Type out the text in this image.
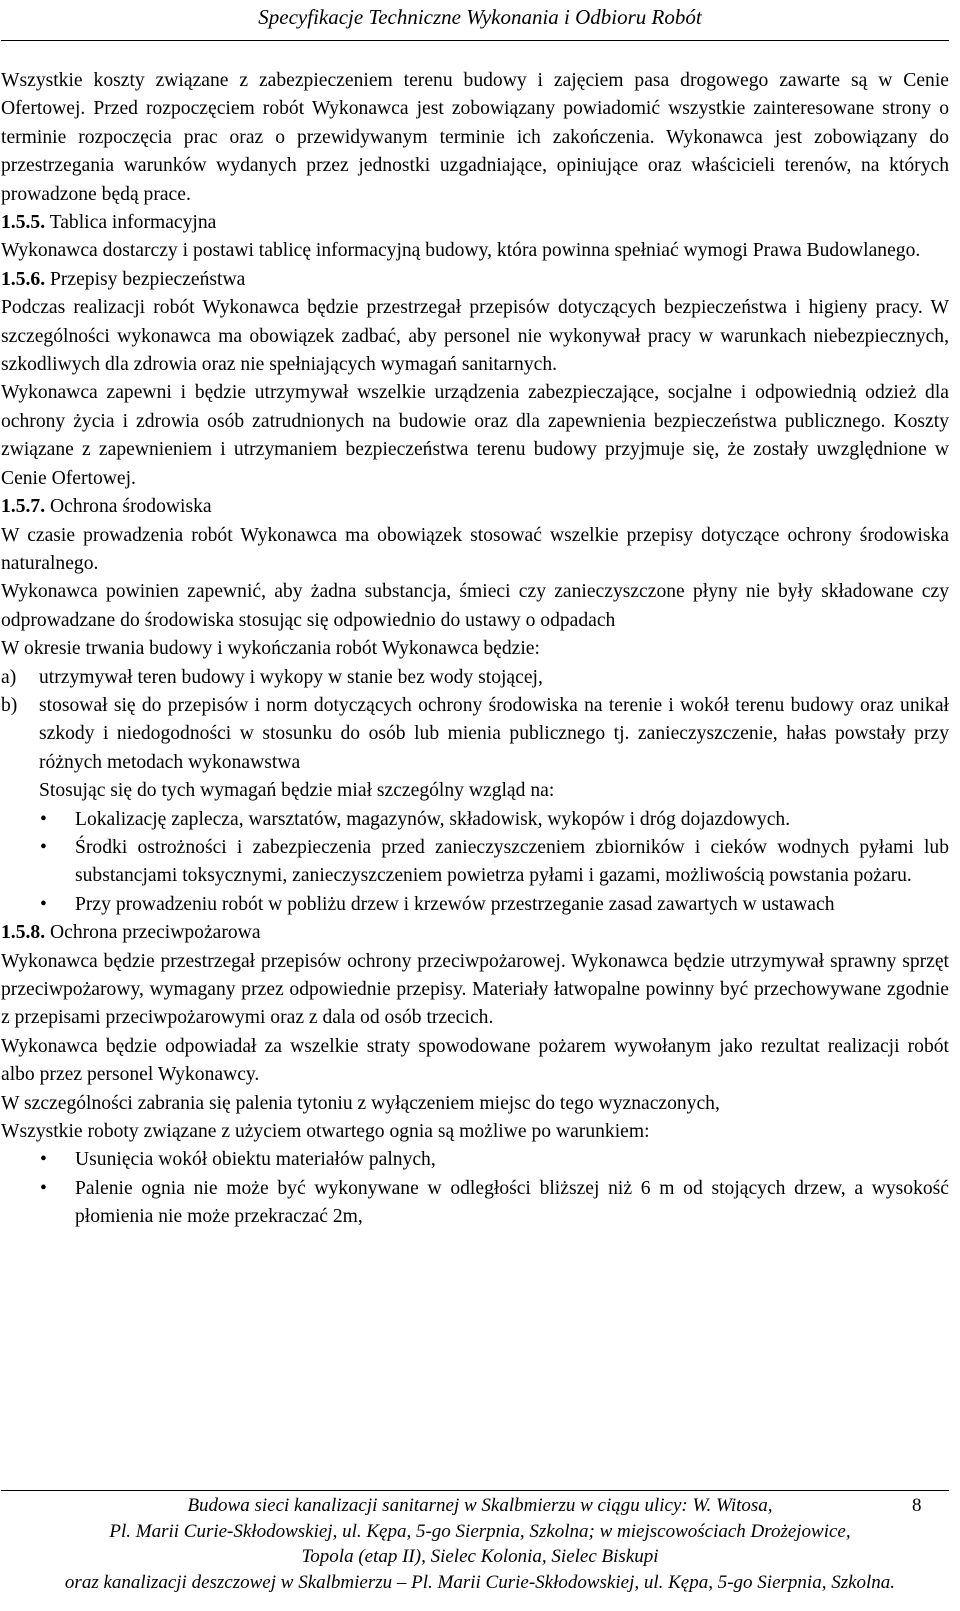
Specyfikacje Techniczne Wykonania i Odbioru Robót

Wszystkie koszty związane z zabezpieczeniem terenu budowy i zajęciem pasa drogowego zawarte są w Cenie Ofertowej. Przed rozpoczęciem robót Wykonawca jest zobowiązany powiadomić wszystkie zainteresowane strony o terminie rozpoczęcia prac oraz o przewidywanym terminie ich zakończenia. Wykonawca jest zobowiązany do przestrzegania warunków wydanych przez jednostki uzgadniające, opiniujące oraz właścicieli terenów, na których prowadzone będą prace.

1.5.5. Tablica informacyjna

Wykonawca dostarczy i postawi tablicę informacyjną budowy, która powinna spełniać wymogi Prawa Budowlanego.

1.5.6. Przepisy bezpieczeństwa

Podczas realizacji robót Wykonawca będzie przestrzegał przepisów dotyczących bezpieczeństwa i higieny pracy. W szczególności wykonawca ma obowiązek zadbać, aby personel nie wykonywał pracy w warunkach niebezpiecznych, szkodliwych dla zdrowia oraz nie spełniających wymagań sanitarnych.

Wykonawca zapewni i będzie utrzymywał wszelkie urządzenia zabezpieczające, socjalne i odpowiednią odzież dla ochrony życia i zdrowia osób zatrudnionych na budowie oraz dla zapewnienia bezpieczeństwa publicznego. Koszty związane z zapewnieniem i utrzymaniem bezpieczeństwa terenu budowy przyjmuje się, że zostały uwzględnione w Cenie Ofertowej.

1.5.7. Ochrona środowiska

W czasie prowadzenia robót Wykonawca ma obowiązek stosować wszelkie przepisy dotyczące ochrony środowiska naturalnego.

Wykonawca powinien zapewnić, aby żadna substancja, śmieci czy zanieczyszczone płyny nie były składowane czy odprowadzane do środowiska stosując się odpowiednio do ustawy o odpadach

W okresie trwania budowy i wykończania robót Wykonawca będzie:

a) utrzymywał teren budowy i wykopy w stanie bez wody stojącej,
b) stosował się do przepisów i norm dotyczących ochrony środowiska na terenie i wokół terenu budowy oraz unikał szkody i niedogodności w stosunku do osób lub mienia publicznego tj. zanieczyszczenie, hałas powstały przy różnych metodach wykonawstwa
Stosując się do tych wymagań będzie miał szczególny wzgląd na:
• Lokalizację zaplecza, warsztatów, magazynów, składowisk, wykopów i dróg dojazdowych.
• Środki ostrożności i zabezpieczenia przed zanieczyszczeniem zbiorników i cieków wodnych pyłami lub substancjami toksycznymi, zanieczyszczeniem powietrza pyłami i gazami, możliwością powstania pożaru.
• Przy prowadzeniu robót w pobliżu drzew i krzewów przestrzeganie zasad zawartych w ustawach
1.5.8. Ochrona przeciwpożarowa

Wykonawca będzie przestrzegał przepisów ochrony przeciwpożarowej. Wykonawca będzie utrzymywał sprawny sprzęt przeciwpożarowy, wymagany przez odpowiednie przepisy. Materiały łatwopalne powinny być przechowywane zgodnie z przepisami przeciwpożarowymi oraz z dala od osób trzecich.

Wykonawca będzie odpowiadał za wszelkie straty spowodowane pożarem wywołanym jako rezultat realizacji robót albo przez personel Wykonawcy.

W szczególności zabrania się palenia tytoniu z wyłączeniem miejsc do tego wyznaczonych,

Wszystkie roboty związane z użyciem otwartego ognia są możliwe po warunkiem:

• Usunięcia wokół obiektu materiałów palnych,
• Palenie ognia nie może być wykonywane w odległości bliższej niż 6 m od stojących drzew, a wysokość płomienia nie może przekraczać 2m,
Budowa sieci kanalizacji sanitarnej w Skalbmierzu w ciągu ulicy: W. Witosa,
Pl. Marii Curie-Skłodowskiej, ul. Kępa, 5-go Sierpnia, Szkolna; w miejscowościach Drożejowice,
Topola (etap II), Sielec Kolonia, Sielec Biskupi
oraz kanalizacji deszczowej w Skalbmierzu – Pl. Marii Curie-Skłodowskiej, ul. Kępa, 5-go Sierpnia, Szkolna.
8
